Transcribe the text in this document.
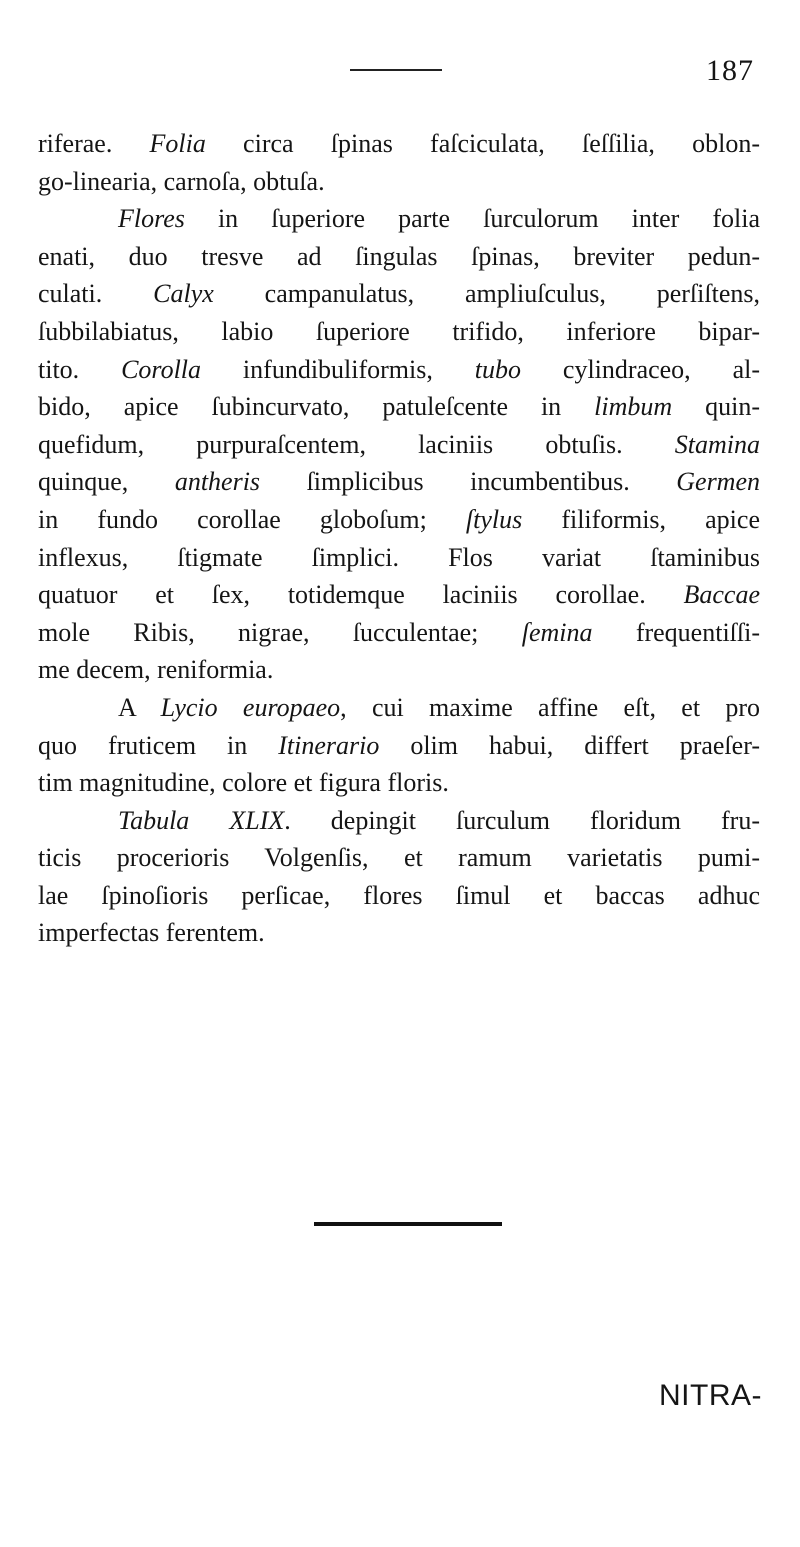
187
riferae. Folia circa ſpinas faſciculata, ſeſſilia, oblon-
go-linearia, carnoſa, obtuſa.
Flores in ſuperiore parte ſurculorum inter folia
enati, duo tresve ad ſingulas ſpinas, breviter pedun-
culati. Calyx campanulatus, ampliuſculus, perſiſtens,
ſubbilabiatus, labio ſuperiore trifido, inferiore bipar-
tito. Corolla infundibuliformis, tubo cylindraceo, al-
bido, apice ſubincurvato, patuleſcente in limbum quin-
quefidum, purpuraſcentem, laciniis obtuſis. Stamina
quinque, antheris ſimplicibus incumbentibus. Germen
in fundo corollae globoſum; ſtylus filiformis, apice
inflexus, ſtigmate ſimplici. Flos variat ſtaminibus
quatuor et ſex, totidemque laciniis corollae. Baccae
mole Ribis, nigrae, ſucculentae; ſemina frequentiſſi-
me decem, reniformia.
A Lycio europaeo, cui maxime affine eſt, et pro
quo fruticem in Itinerario olim habui, differt praeſer-
tim magnitudine, colore et figura floris.
Tabula XLIX. depingit ſurculum floridum fru-
ticis procerioris Volgenſis, et ramum varietatis pumi-
lae ſpinoſioris perſicae, flores ſimul et baccas adhuc
imperfectas ferentem.
NITRA-
